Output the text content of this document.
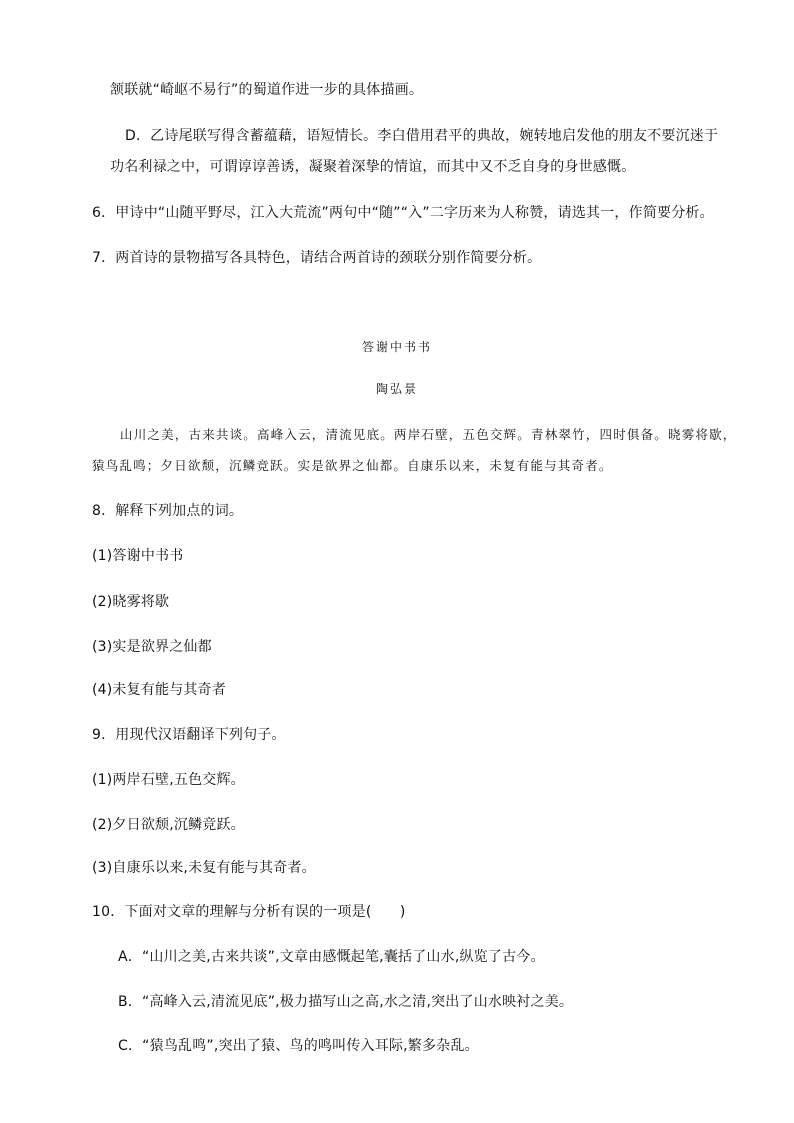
颔联就“崎岖不易行”的蜀道作进一步的具体描画。

D．乙诗尾联写得含蓄蕴藉，语短情长。李白借用君平的典故，婉转地启发他的朋友不要沉迷于

功名利禄之中，可谓谆谆善诱，凝聚着深挚的情谊，而其中又不乏自身的身世感慨。

6．甲诗中“山随平野尽，江入大荒流”两句中“随”“入”二字历来为人称赞，请选其一，作简要分析。

7．两首诗的景物描写各具特色，请结合两首诗的颈联分别作简要分析。

答谢中书书

陶弘景

山川之美，古来共谈。高峰入云，清流见底。两岸石壁，五色交辉。青林翠竹，四时俱备。晓雾将歇，

猿鸟乱鸣；夕日欲颓，沉鳞竞跃。实是欲界之仙都。自康乐以来，未复有能与其奇者。

8．解释下列加点的词。

(1)答谢中书书

(2)晓雾将歇

(3)实是欲界之仙都

(4)未复有能与其奇者

9．用现代汉语翻译下列句子。

(1)两岸石壁,五色交辉。

(2)夕日欲颓,沉鳞竞跃。

(3)自康乐以来,未复有能与其奇者。

10．下面对文章的理解与分析有误的一项是(　　)

A．“山川之美,古来共谈”,文章由感慨起笔,囊括了山水,纵览了古今。

B．“高峰入云,清流见底”,极力描写山之高,水之清,突出了山水映衬之美。

C．“猿鸟乱鸣”,突出了猿、鸟的鸣叫传入耳际,繁多杂乱。
